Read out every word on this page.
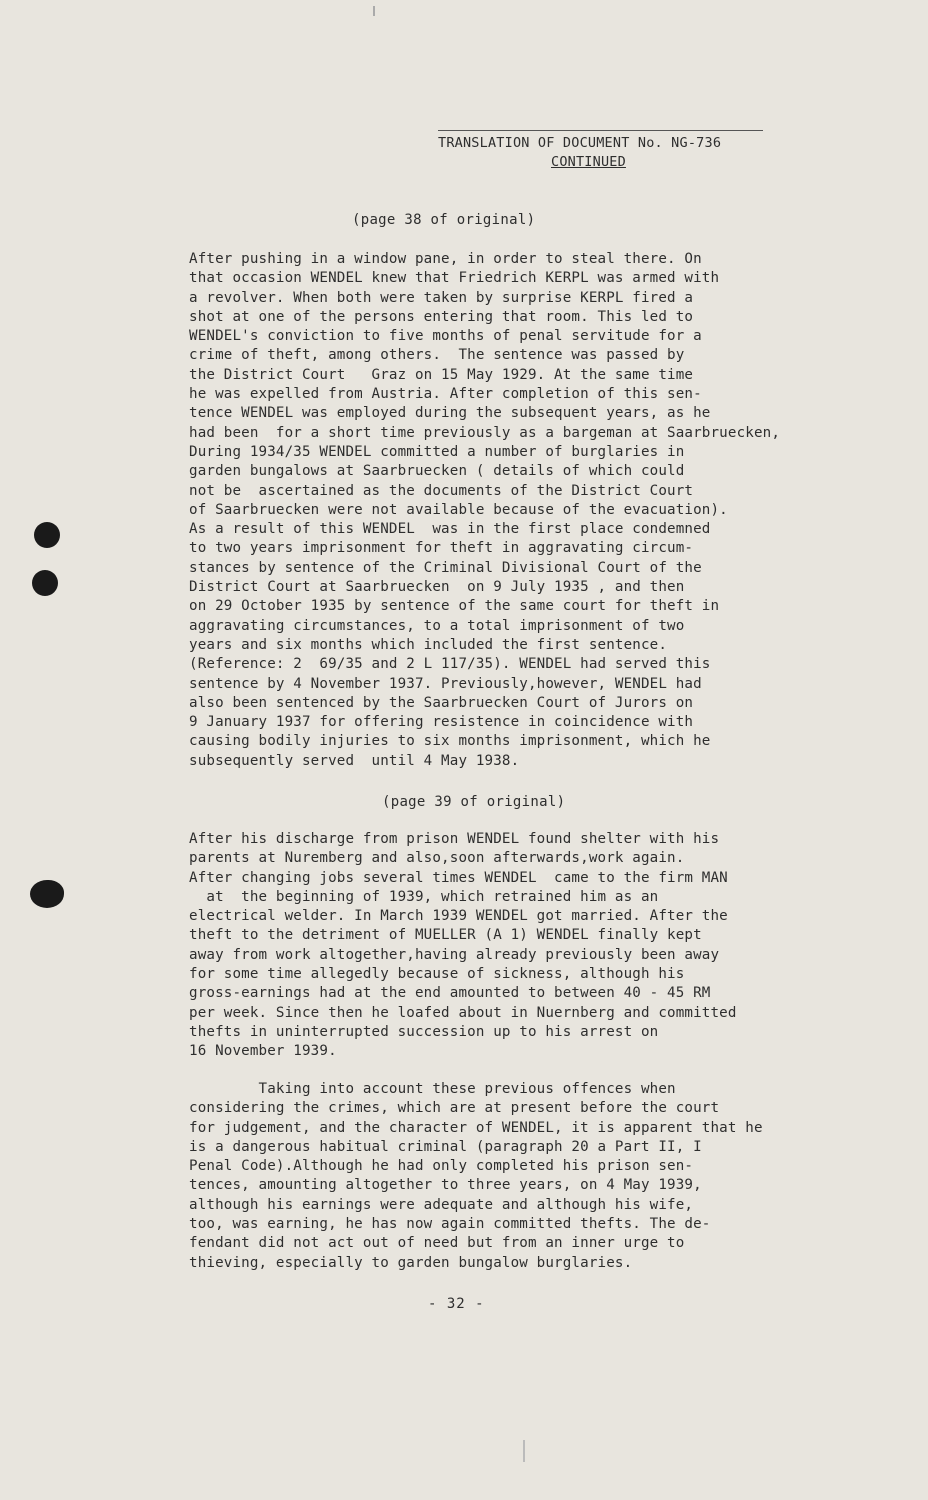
TRANSLATION OF DOCUMENT No. NG-736
CONTINUED
(page 38 of original)

After pushing in a window pane, in order to steal there. On
that occasion WENDEL knew that Friedrich KERPL was armed with
a revolver. When both were taken by surprise KERPL fired a
shot at one of the persons entering that room. This led to
WENDEL's conviction to five months of penal servitude for a
crime of theft, among others.  The sentence was passed by
the District Court   Graz on 15 May 1929. At the same time
he was expelled from Austria. After completion of this sen-
tence WENDEL was employed during the subsequent years, as he
had been  for a short time previously as a bargeman at Saarbruecken,
During 1934/35 WENDEL committed a number of burglaries in
garden bungalows at Saarbruecken ( details of which could
not be  ascertained as the documents of the District Court
of Saarbruecken were not available because of the evacuation).
As a result of this WENDEL  was in the first place condemned
to two years imprisonment for theft in aggravating circum-
stances by sentence of the Criminal Divisional Court of the
District Court at Saarbruecken  on 9 July 1935 , and then
on 29 October 1935 by sentence of the same court for theft in
aggravating circumstances, to a total imprisonment of two
years and six months which included the first sentence.
(Reference: 2  69/35 and 2 L 117/35). WENDEL had served this
sentence by 4 November 1937. Previously,however, WENDEL had
also been sentenced by the Saarbruecken Court of Jurors on
9 January 1937 for offering resistence in coincidence with
causing bodily injuries to six months imprisonment, which he
subsequently served  until 4 May 1938.

(page 39 of original)

After his discharge from prison WENDEL found shelter with his
parents at Nuremberg and also,soon afterwards,work again.
After changing jobs several times WENDEL  came to the firm MAN
at  the beginning of 1939, which retrained him as an
electrical welder. In March 1939 WENDEL got married. After the
theft to the detriment of MUELLER (A 1) WENDEL finally kept
away from work altogether,having already previously been away
for some time allegedly because of sickness, although his
gross-earnings had at the end amounted to between 40 - 45 RM
per week. Since then he loafed about in Nuernberg and committed
thefts in uninterrupted succession up to his arrest on
16 November 1939.

Taking into account these previous offences when
considering the crimes, which are at present before the court
for judgement, and the character of WENDEL, it is apparent that he
is a dangerous habitual criminal (paragraph 20 a Part II, I
Penal Code).Although he had only completed his prison sen-
tences, amounting altogether to three years, on 4 May 1939,
although his earnings were adequate and although his wife,
too, was earning, he has now again committed thefts. The de-
fendant did not act out of need but from an inner urge to
thieving, especially to garden bungalow burglaries.

- 32 -
